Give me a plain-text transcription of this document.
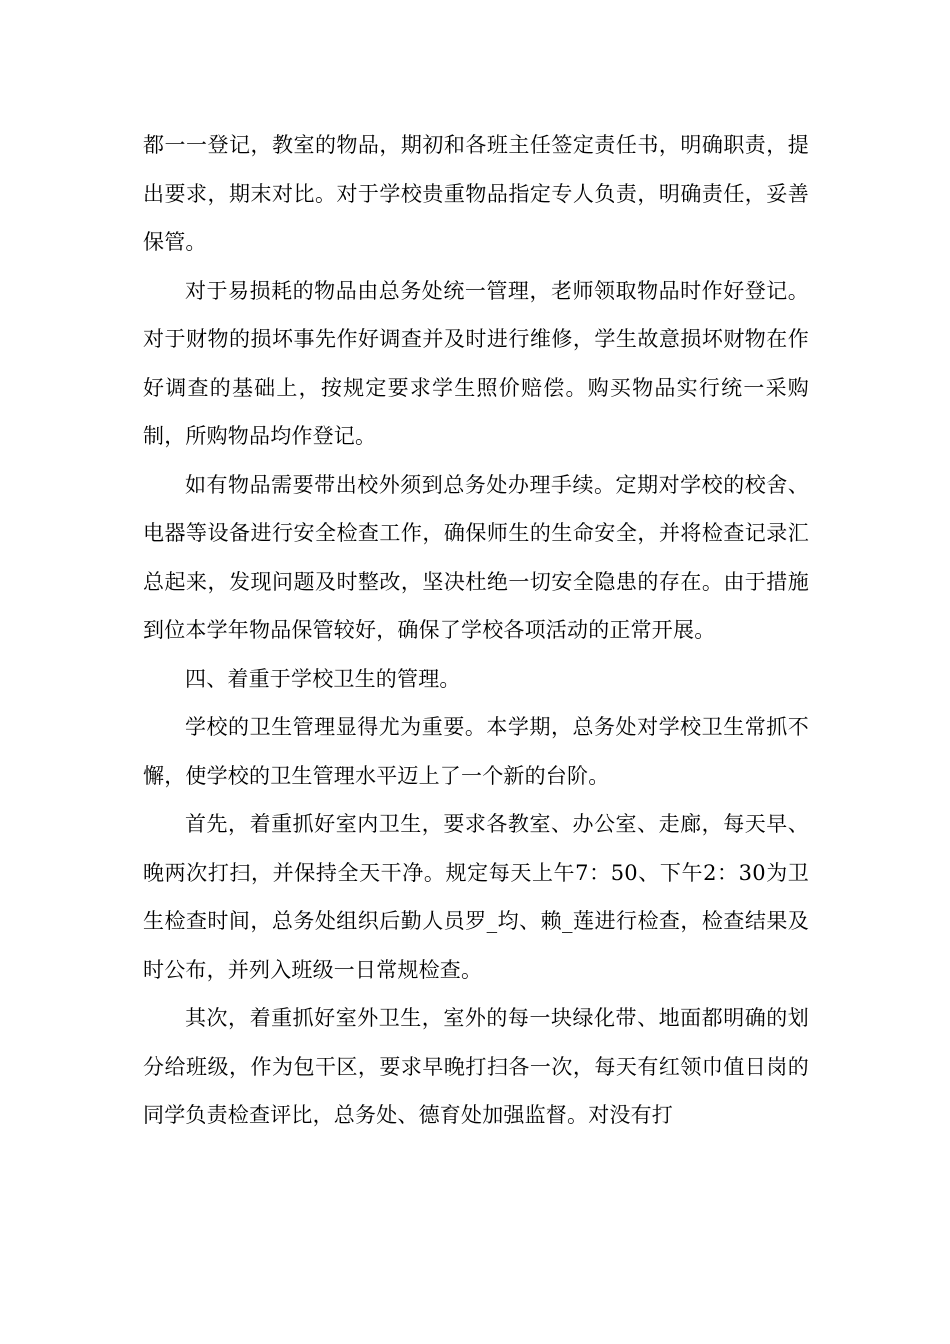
都一一登记，教室的物品，期初和各班主任签定责任书，明确职责，提出要求，期末对比。对于学校贵重物品指定专人负责，明确责任，妥善保管。

对于易损耗的物品由总务处统一管理，老师领取物品时作好登记。对于财物的损坏事先作好调查并及时进行维修，学生故意损坏财物在作好调查的基础上，按规定要求学生照价赔偿。购买物品实行统一采购制，所购物品均作登记。

如有物品需要带出校外须到总务处办理手续。定期对学校的校舍、电器等设备进行安全检查工作，确保师生的生命安全，并将检查记录汇总起来，发现问题及时整改，坚决杜绝一切安全隐患的存在。由于措施到位本学年物品保管较好，确保了学校各项活动的正常开展。

四、着重于学校卫生的管理。

学校的卫生管理显得尤为重要。本学期，总务处对学校卫生常抓不懈，使学校的卫生管理水平迈上了一个新的台阶。

首先，着重抓好室内卫生，要求各教室、办公室、走廊，每天早、晚两次打扫，并保持全天干净。规定每天上午7：50、下午2：30为卫生检查时间，总务处组织后勤人员罗_均、赖_莲进行检查，检查结果及时公布，并列入班级一日常规检查。

其次，着重抓好室外卫生，室外的每一块绿化带、地面都明确的划分给班级，作为包干区，要求早晚打扫各一次，每天有红领巾值日岗的同学负责检查评比，总务处、德育处加强监督。对没有打
